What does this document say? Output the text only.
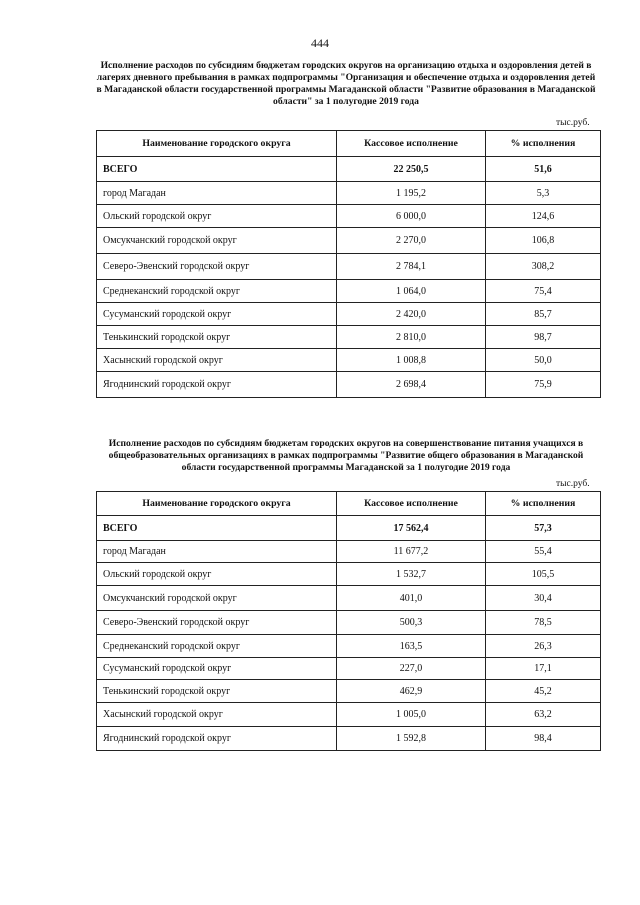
444
Исполнение расходов по субсидиям бюджетам городских округов на организацию отдыха и оздоровления детей в лагерях дневного пребывания в рамках подпрограммы "Организация и обеспечение отдыха и оздоровления детей в Магаданской области государственной программы Магаданской области "Развитие образования в Магаданской области" за 1 полугодие 2019 года
тыс.руб.
Наименование городского округа	Кассовое исполнение	% исполнения
ВСЕГО	22 250,5	51,6
город Магадан	1 195,2	5,3
Ольский городской округ	6 000,0	124,6
Омсукчанский городской округ	2 270,0	106,8
Северо-Эвенский городской округ	2 784,1	308,2
Среднеканский городской округ	1 064,0	75,4
Сусуманский городской округ	2 420,0	85,7
Тенькинский городской округ	2 810,0	98,7
Хасынский городской округ	1 008,8	50,0
Ягоднинский городской округ	2 698,4	75,9
Исполнение расходов по субсидиям бюджетам городских округов на совершенствование питания учащихся в общеобразовательных организациях в рамках подпрограммы "Развитие общего образования в Магаданской области государственной программы Магаданской за 1 полугодие 2019 года
тыс.руб.
Наименование городского округа	Кассовое исполнение	% исполнения
ВСЕГО	17 562,4	57,3
город Магадан	11 677,2	55,4
Ольский городской округ	1 532,7	105,5
Омсукчанский городской округ	401,0	30,4
Северо-Эвенский городской округ	500,3	78,5
Среднеканский городской округ	163,5	26,3
Сусуманский городской округ	227,0	17,1
Тенькинский городской округ	462,9	45,2
Хасынский городской округ	1 005,0	63,2
Ягоднинский городской округ	1 592,8	98,4
